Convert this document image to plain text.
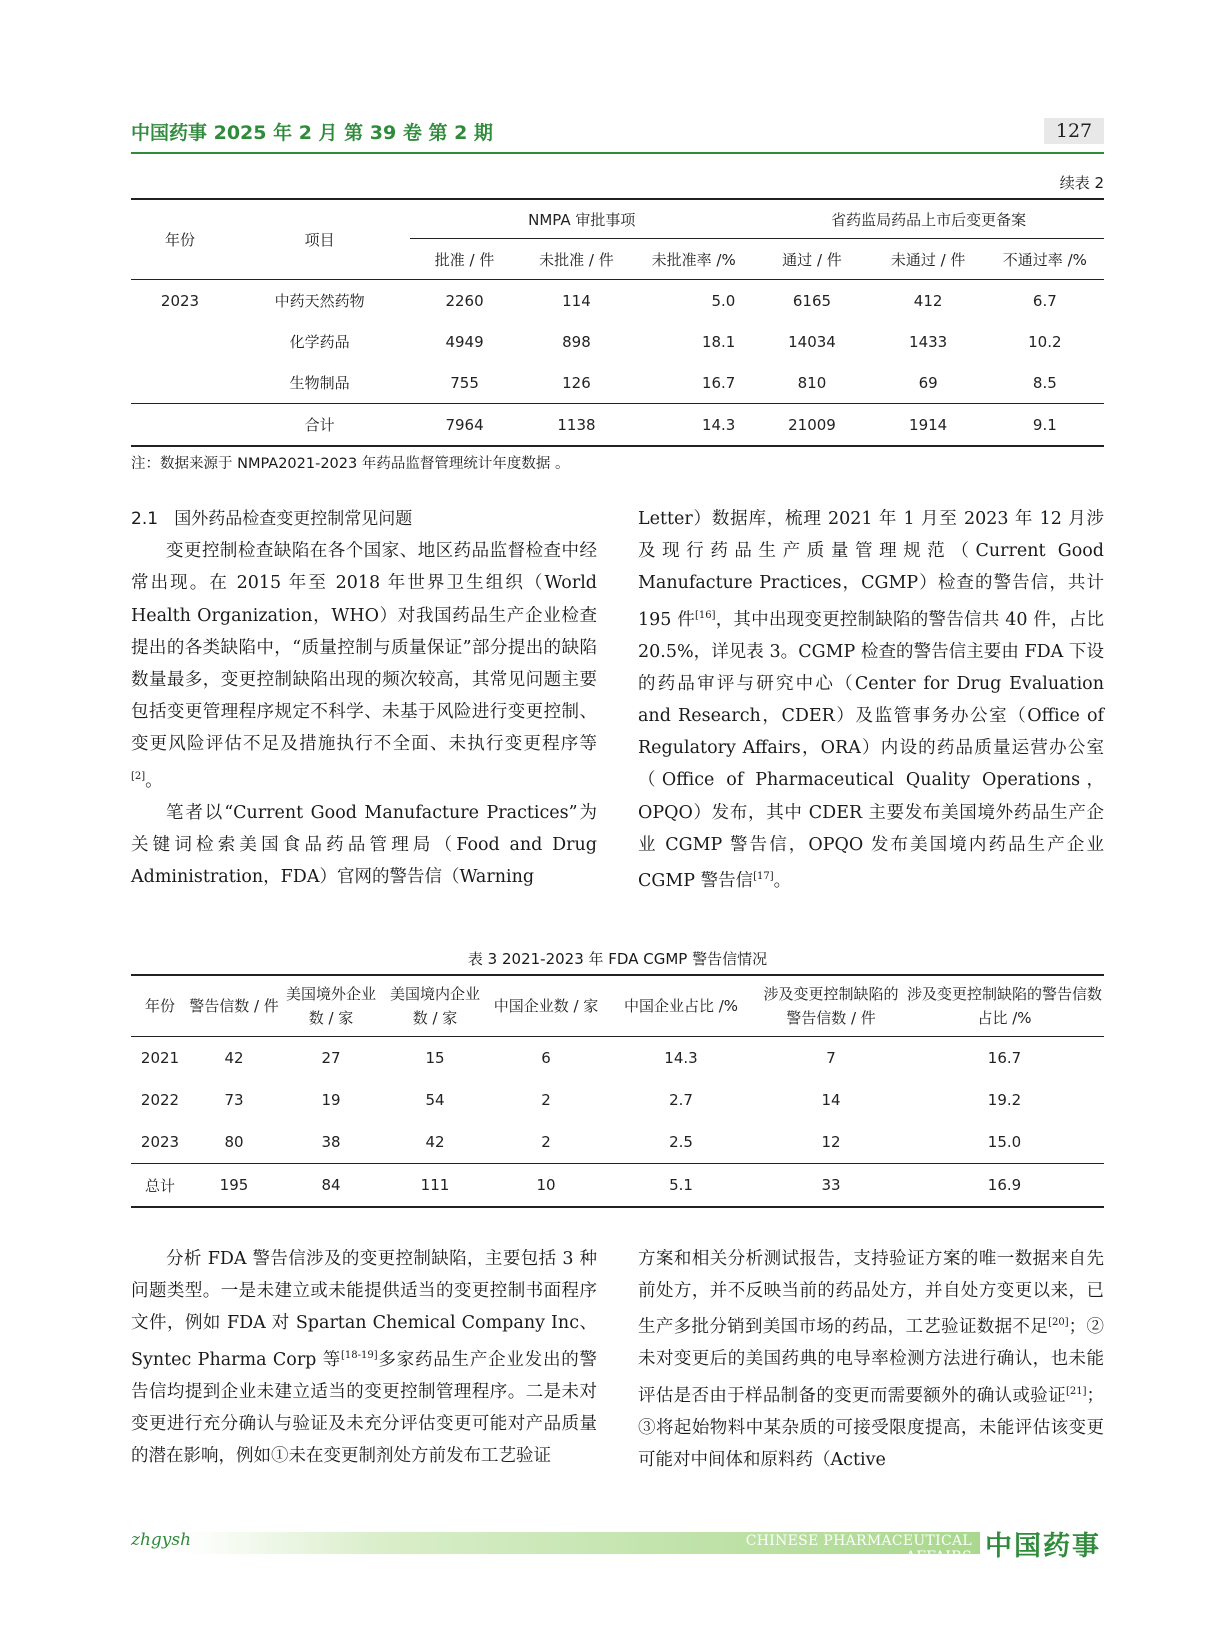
中国药事 2025 年 2 月 第 39 卷 第 2 期	127
续表 2
年份	项目	NMPA 审批事项			省药监局药品上市后变更备案		
		批准 / 件	未批准 / 件	未批准率 /%	通过 / 件	未通过 / 件	不通过率 /%
2023	中药天然药物	2260	114	5.0	6165	412	6.7
	化学药品	4949	898	18.1	14034	1433	10.2
	生物制品	755	126	16.7	810	69	8.5
	合计	7964	1138	14.3	21009	1914	9.1
注：数据来源于 NMPA2021-2023 年药品监督管理统计年度数据 。

2.1 国外药品检查变更控制常见问题

变更控制检查缺陷在各个国家、地区药品监督检查中经常出现。在 2015 年至 2018 年世界卫生组织（World Health Organization，WHO）对我国药品生产企业检查提出的各类缺陷中，“质量控制与质量保证”部分提出的缺陷数量最多，变更控制缺陷出现的频次较高，其常见问题主要包括变更管理程序规定不科学、未基于风险进行变更控制、变更风险评估不足及措施执行不全面、未执行变更程序等[2]。

笔者以“Current Good Manufacture Practices”为关键词检索美国食品药品管理局（Food and Drug Administration，FDA）官网的警告信（Warning

Letter）数据库，梳理 2021 年 1 月至 2023 年 12 月涉及现行药品生产质量管理规范（Current Good Manufacture Practices，CGMP）检查的警告信，共计 195 件[16]，其中出现变更控制缺陷的警告信共 40 件，占比 20.5%，详见表 3。CGMP 检查的警告信主要由 FDA 下设的药品审评与研究中心（Center for Drug Evaluation and Research，CDER）及监管事务办公室（Office of Regulatory Affairs，ORA）内设的药品质量运营办公室（Office of Pharmaceutical Quality Operations，OPQO）发布，其中 CDER 主要发布美国境外药品生产企业 CGMP 警告信，OPQO 发布美国境内药品生产企业 CGMP 警告信[17]。

表 3 2021-2023 年 FDA CGMP 警告信情况
年份	警告信数 / 件	美国境外企业数 / 家	美国境内企业数 / 家	中国企业数 / 家	中国企业占比 /%	涉及变更控制缺陷的警告信数 / 件	涉及变更控制缺陷的警告信数占比 /%
2021	42	27	15	6	14.3	7	16.7
2022	73	19	54	2	2.7	14	19.2
2023	80	38	42	2	2.5	12	15.0
总计	195	84	111	10	5.1	33	16.9

分析 FDA 警告信涉及的变更控制缺陷，主要包括 3 种问题类型。一是未建立或未能提供适当的变更控制书面程序文件，例如 FDA 对 Spartan Chemical Company Inc、Syntec Pharma Corp 等[18-19]多家药品生产企业发出的警告信均提到企业未建立适当的变更控制管理程序。二是未对变更进行充分确认与验证及未充分评估变更可能对产品质量的潜在影响，例如①未在变更制剂处方前发布工艺验证

方案和相关分析测试报告，支持验证方案的唯一数据来自先前处方，并不反映当前的药品处方，并自处方变更以来，已生产多批分销到美国市场的药品，工艺验证数据不足[20]；②未对变更后的美国药典的电导率检测方法进行确认，也未能评估是否由于样品制备的变更而需要额外的确认或验证[21]；③将起始物料中某杂质的可接受限度提高，未能评估该变更可能对中间体和原料药（Active

zhgysh	CHINESE PHARMACEUTICAL AFFAIRS 中国药事
